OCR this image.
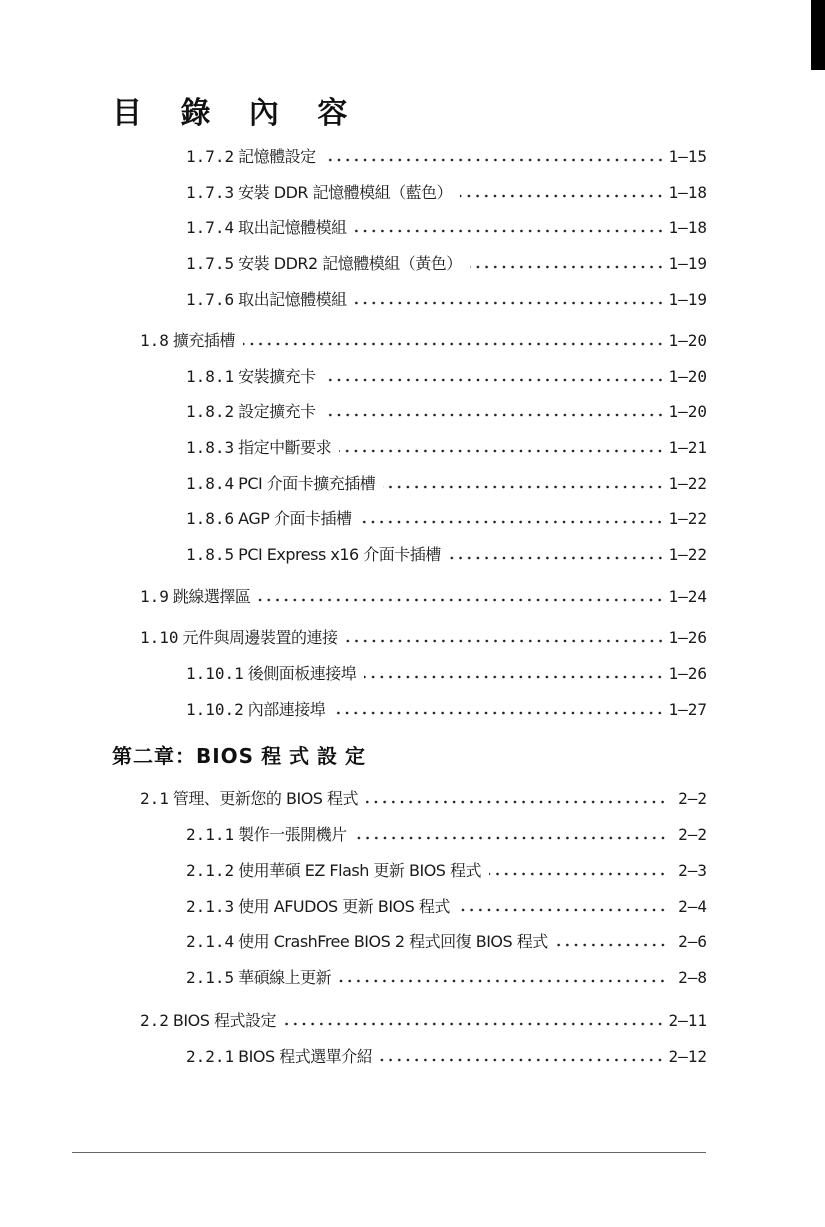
目 錄 內 容
1.7.2 記憶體設定	1–15
1.7.3 安裝 DDR 記憶體模組（藍色）	1–18
1.7.4 取出記憶體模組	1–18
1.7.5 安裝 DDR2 記憶體模組（黃色）	1–19
1.7.6 取出記憶體模組	1–19
1.8 擴充插槽	1–20
1.8.1 安裝擴充卡	1–20
1.8.2 設定擴充卡	1–20
1.8.3 指定中斷要求	1–21
1.8.4 PCI 介面卡擴充插槽	1–22
1.8.6 AGP 介面卡插槽	1–22
1.8.5 PCI Express x16 介面卡插槽	1–22
1.9 跳線選擇區	1–24
1.10 元件與周邊裝置的連接	1–26
1.10.1 後側面板連接埠	1–26
1.10.2 內部連接埠	1–27
第二章：BIOS 程式設定
2.1 管理、更新您的 BIOS 程式	2–2
2.1.1 製作一張開機片	2–2
2.1.2 使用華碩 EZ Flash 更新 BIOS 程式	2–3
2.1.3 使用 AFUDOS 更新 BIOS 程式	2–4
2.1.4 使用 CrashFree BIOS 2 程式回復 BIOS 程式	2–6
2.1.5 華碩線上更新	2–8
2.2 BIOS 程式設定	2–11
2.2.1 BIOS 程式選單介紹	2–12
